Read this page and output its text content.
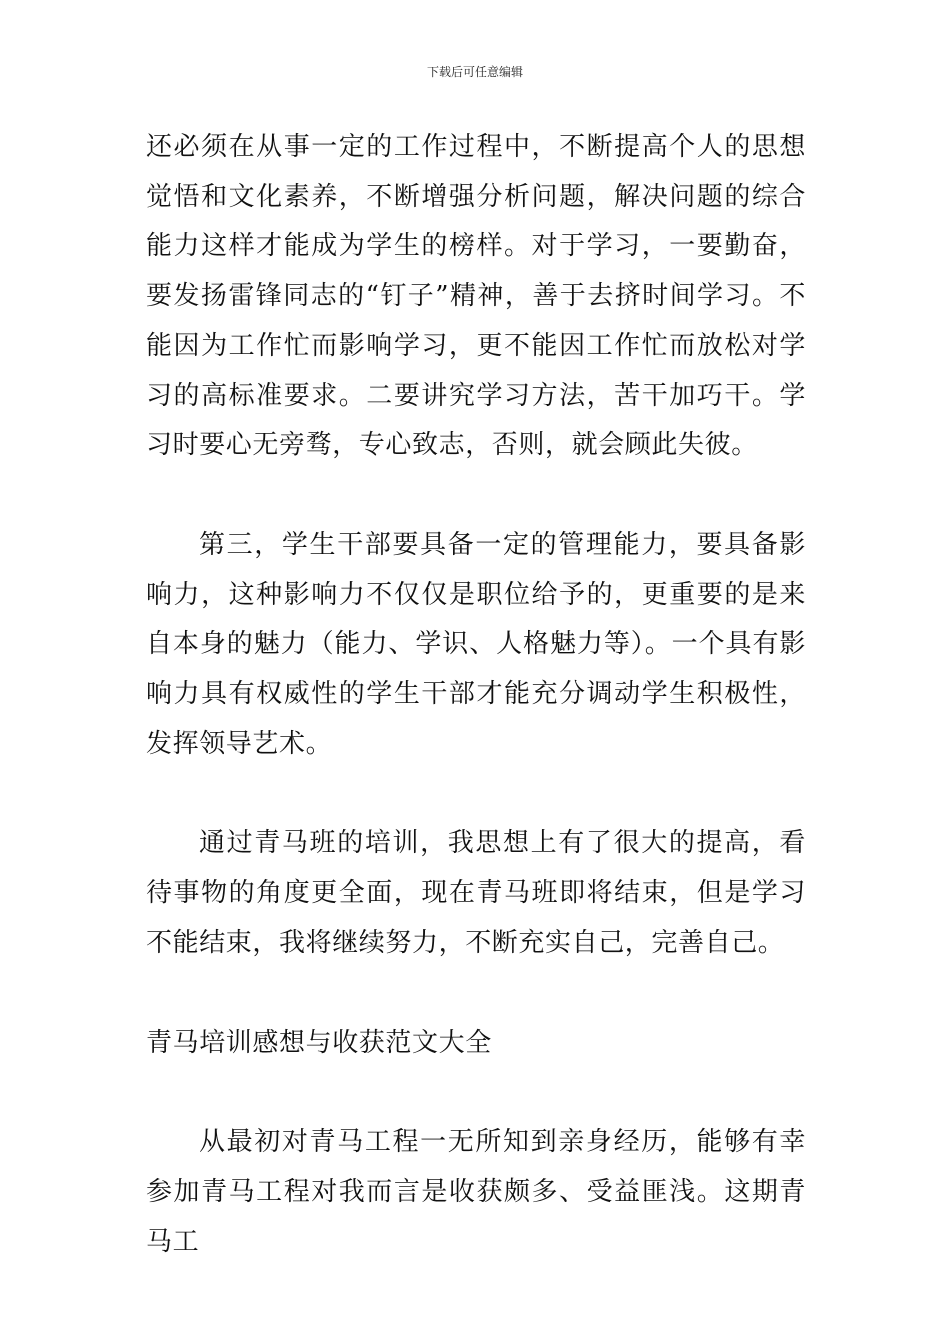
下载后可任意编辑

还必须在从事一定的工作过程中，不断提高个人的思想觉悟和文化素养，不断增强分析问题，解决问题的综合能力这样才能成为学生的榜样。对于学习，一要勤奋，要发扬雷锋同志的“钉子”精神，善于去挤时间学习。不能因为工作忙而影响学习，更不能因工作忙而放松对学习的高标准要求。二要讲究学习方法，苦干加巧干。学习时要心无旁骛，专心致志，否则，就会顾此失彼。

第三，学生干部要具备一定的管理能力，要具备影响力，这种影响力不仅仅是职位给予的，更重要的是来自本身的魅力（能力、学识、人格魅力等）。一个具有影响力具有权威性的学生干部才能充分调动学生积极性，发挥领导艺术。

通过青马班的培训，我思想上有了很大的提高，看待事物的角度更全面，现在青马班即将结束，但是学习不能结束，我将继续努力，不断充实自己，完善自己。

青马培训感想与收获范文大全

从最初对青马工程一无所知到亲身经历，能够有幸参加青马工程对我而言是收获颇多、受益匪浅。这期青马工
